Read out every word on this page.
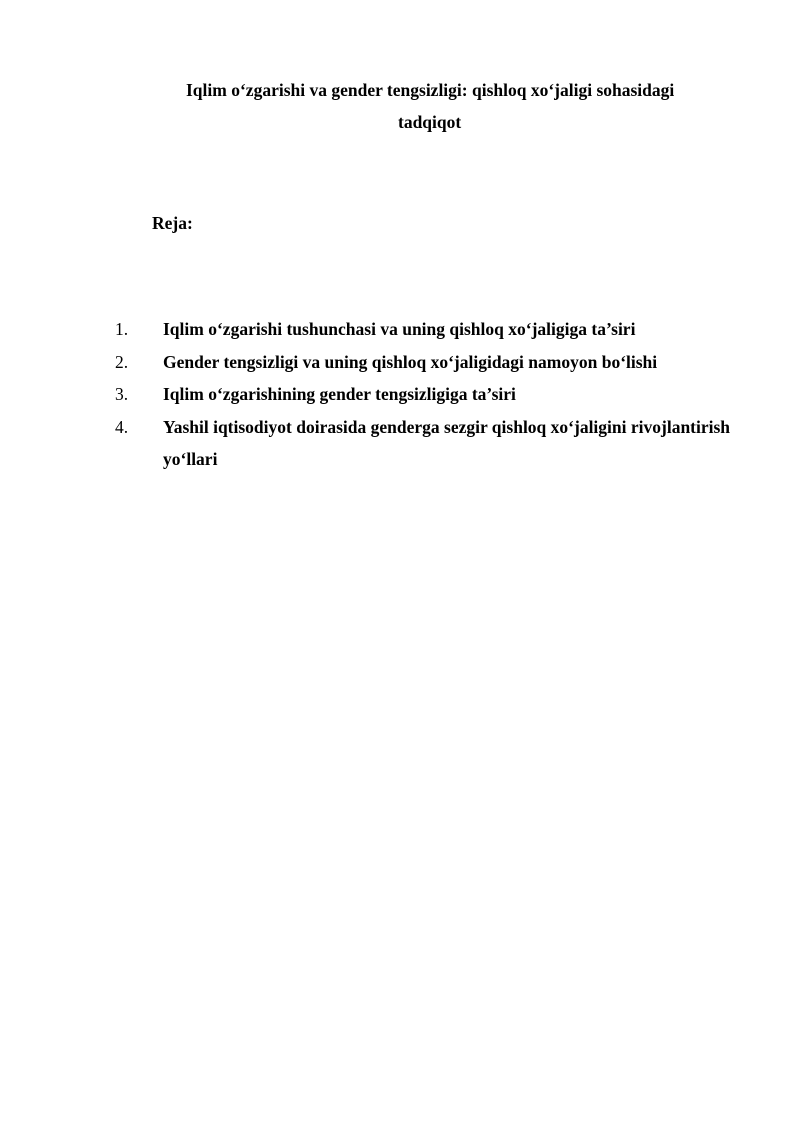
Iqlim o‘zgarishi va gender tengsizligi: qishloq xo‘jaligi sohasidagi
tadqiqot
Reja:
1. Iqlim o‘zgarishi tushunchasi va uning qishloq xo‘jaligiga ta’siri
2. Gender tengsizligi va uning qishloq xo‘jaligidagi namoyon bo‘lishi
3. Iqlim o‘zgarishining gender tengsizligiga ta’siri
4. Yashil iqtisodiyot doirasida genderga sezgir qishloq xo‘jaligini rivojlantirish yo‘llari
